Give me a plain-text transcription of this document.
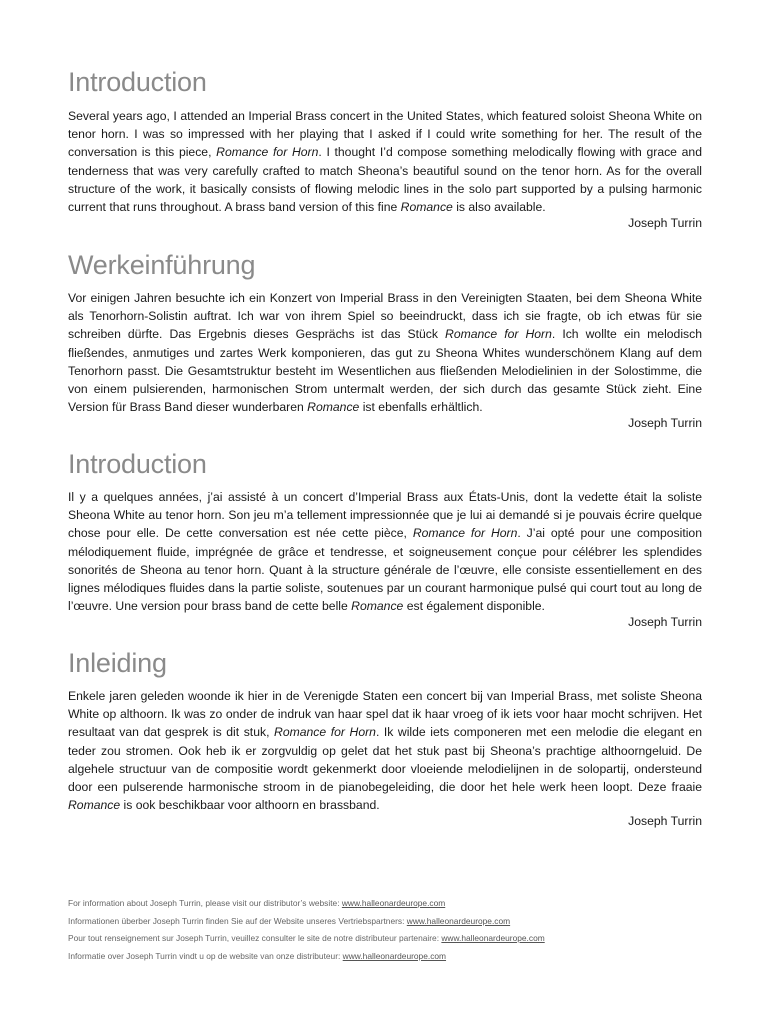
Introduction

Several years ago, I attended an Imperial Brass concert in the United States, which featured soloist Sheona White on tenor horn. I was so impressed with her playing that I asked if I could write something for her. The result of the conversation is this piece, Romance for Horn. I thought I’d compose something melodically flowing with grace and tenderness that was very carefully crafted to match Sheona’s beautiful sound on the tenor horn. As for the overall structure of the work, it basically consists of flowing melodic lines in the solo part supported by a pulsing harmonic current that runs throughout. A brass band version of this fine Romance is also available.

Joseph Turrin
Werkeinführung

Vor einigen Jahren besuchte ich ein Konzert von Imperial Brass in den Vereinigten Staaten, bei dem Sheona White als Tenorhorn-Solistin auftrat. Ich war von ihrem Spiel so beeindruckt, dass ich sie fragte, ob ich etwas für sie schreiben dürfte. Das Ergebnis dieses Gesprächs ist das Stück Romance for Horn. Ich wollte ein melodisch fließendes, anmutiges und zartes Werk komponieren, das gut zu Sheona Whites wunderschönem Klang auf dem Tenorhorn passt. Die Gesamtstruktur besteht im Wesentlichen aus fließenden Melodielinien in der Solostimme, die von einem pulsierenden, harmonischen Strom untermalt werden, der sich durch das gesamte Stück zieht. Eine Version für Brass Band dieser wunderbaren Romance ist ebenfalls erhältlich.

Joseph Turrin
Introduction

Il y a quelques années, j’ai assisté à un concert d’Imperial Brass aux États-Unis, dont la vedette était la soliste Sheona White au tenor horn. Son jeu m’a tellement impressionnée que je lui ai demandé si je pouvais écrire quelque chose pour elle. De cette conversation est née cette pièce, Romance for Horn. J’ai opté pour une composition mélodiquement fluide, imprégnée de grâce et tendresse, et soigneusement conçue pour célébrer les splendides sonorités de Sheona au tenor horn. Quant à la structure générale de l’œuvre, elle consiste essentiellement en des lignes mélodiques fluides dans la partie soliste, soutenues par un courant harmonique pulsé qui court tout au long de l’œuvre. Une version pour brass band de cette belle Romance est également disponible.

Joseph Turrin
Inleiding

Enkele jaren geleden woonde ik hier in de Verenigde Staten een concert bij van Imperial Brass, met soliste Sheona White op althoorn. Ik was zo onder de indruk van haar spel dat ik haar vroeg of ik iets voor haar mocht schrijven. Het resultaat van dat gesprek is dit stuk, Romance for Horn. Ik wilde iets componeren met een melodie die elegant en teder zou stromen. Ook heb ik er zorgvuldig op gelet dat het stuk past bij Sheona’s prachtige althoorngeluid. De algehele structuur van de compositie wordt gekenmerkt door vloeiende melodielijnen in de solopartij, ondersteund door een pulserende harmonische stroom in de pianobegeleiding, die door het hele werk heen loopt. Deze fraaie Romance is ook beschikbaar voor althoorn en brassband.

Joseph Turrin
For information about Joseph Turrin, please visit our distributor’s website: www.halleonardeurope.com
Informationen überber Joseph Turrin finden Sie auf der Website unseres Vertriebspartners: www.halleonardeurope.com
Pour tout renseignement sur Joseph Turrin, veuillez consulter le site de notre distributeur partenaire: www.halleonardeurope.com
Informatie over Joseph Turrin vindt u op de website van onze distributeur: www.halleonardeurope.com
